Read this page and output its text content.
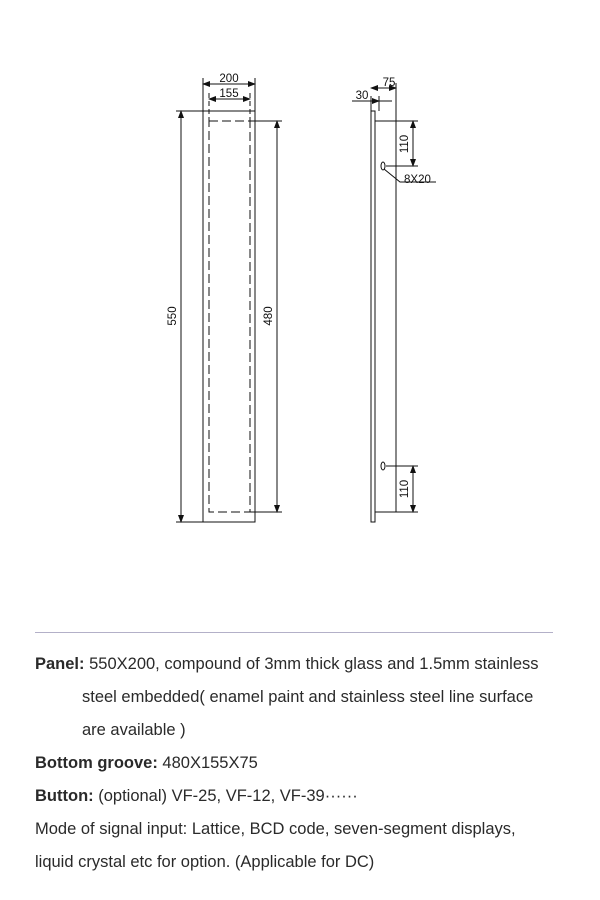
200
155
550	480
75
30
110
8X20
110
Panel: 550X200, compound of 3mm thick glass and 1.5mm stainless
steel embedded( enamel paint and stainless steel line surface
are available )
Bottom groove: 480X155X75
Button: (optional) VF-25, VF-12, VF-39······
Mode of signal input: Lattice, BCD code, seven-segment displays,
liquid crystal etc for option. (Applicable for DC)
